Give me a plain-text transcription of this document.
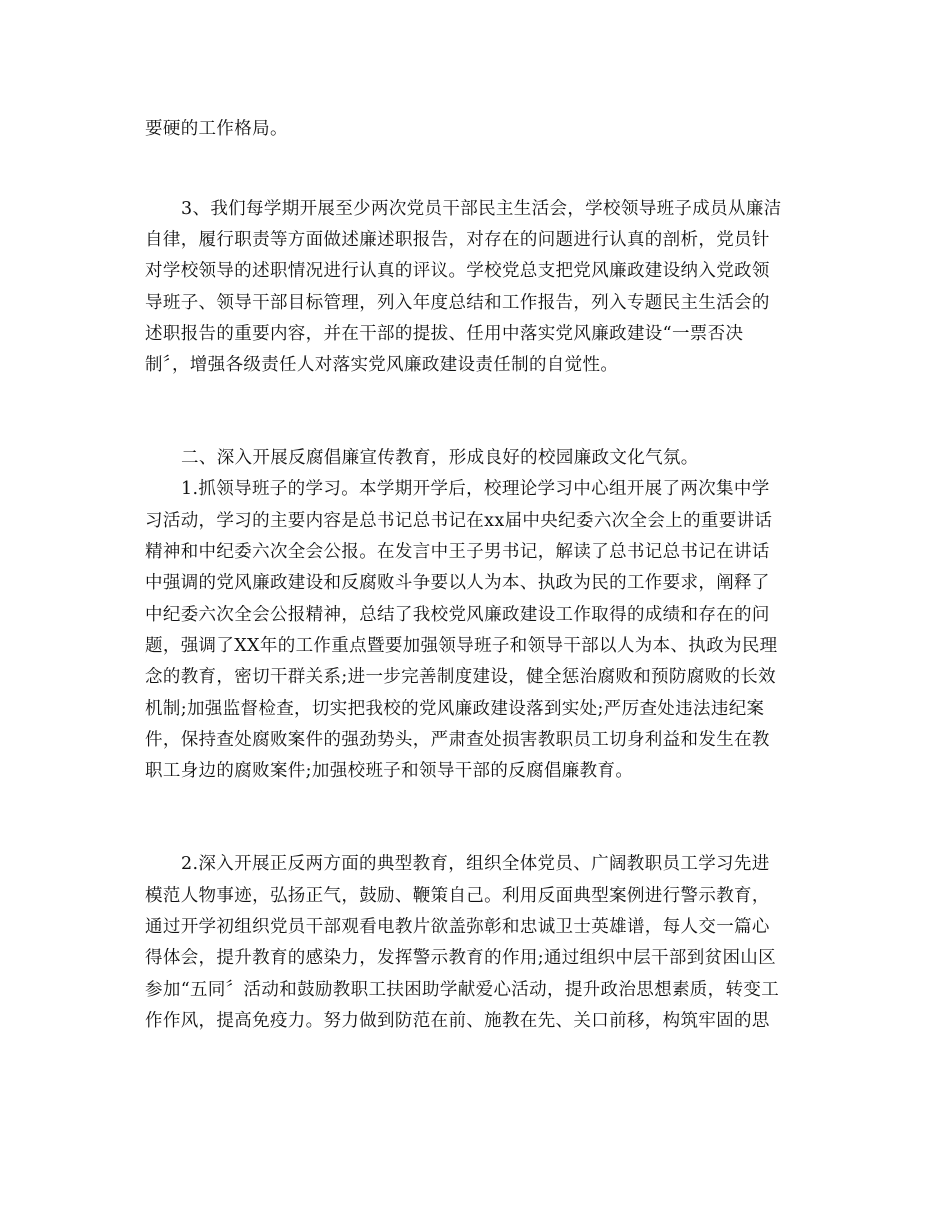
要硬的工作格局。
3、我们每学期开展至少两次党员干部民主生活会，学校领导班子成员从廉洁
自律，履行职责等方面做述廉述职报告，对存在的问题进行认真的剖析，党员针
对学校领导的述职情况进行认真的评议。学校党总支把党风廉政建设纳入党政领
导班子、领导干部目标管理，列入年度总结和工作报告，列入专题民主生活会的
述职报告的重要内容，并在干部的提拔、任用中落实党风廉政建设“一票否决
制〞，增强各级责任人对落实党风廉政建设责任制的自觉性。
二、深入开展反腐倡廉宣传教育，形成良好的校园廉政文化气氛。
1.抓领导班子的学习。本学期开学后，校理论学习中心组开展了两次集中学
习活动，学习的主要内容是总书记总书记在xx届中央纪委六次全会上的重要讲话
精神和中纪委六次全会公报。在发言中王子男书记，解读了总书记总书记在讲话
中强调的党风廉政建设和反腐败斗争要以人为本、执政为民的工作要求，阐释了
中纪委六次全会公报精神，总结了我校党风廉政建设工作取得的成绩和存在的问
题，强调了XX年的工作重点暨要加强领导班子和领导干部以人为本、执政为民理
念的教育，密切干群关系;进一步完善制度建设，健全惩治腐败和预防腐败的长效
机制;加强监督检查，切实把我校的党风廉政建设落到实处;严厉查处违法违纪案
件，保持查处腐败案件的强劲势头，严肃查处损害教职员工切身利益和发生在教
职工身边的腐败案件;加强校班子和领导干部的反腐倡廉教育。
2.深入开展正反两方面的典型教育，组织全体党员、广阔教职员工学习先进
模范人物事迹，弘扬正气，鼓励、鞭策自己。利用反面典型案例进行警示教育，
通过开学初组织党员干部观看电教片欲盖弥彰和忠诚卫士英雄谱，每人交一篇心
得体会，提升教育的感染力，发挥警示教育的作用;通过组织中层干部到贫困山区
参加“五同〞活动和鼓励教职工扶困助学献爱心活动，提升政治思想素质，转变工
作作风，提高免疫力。努力做到防范在前、施教在先、关口前移，构筑牢固的思
